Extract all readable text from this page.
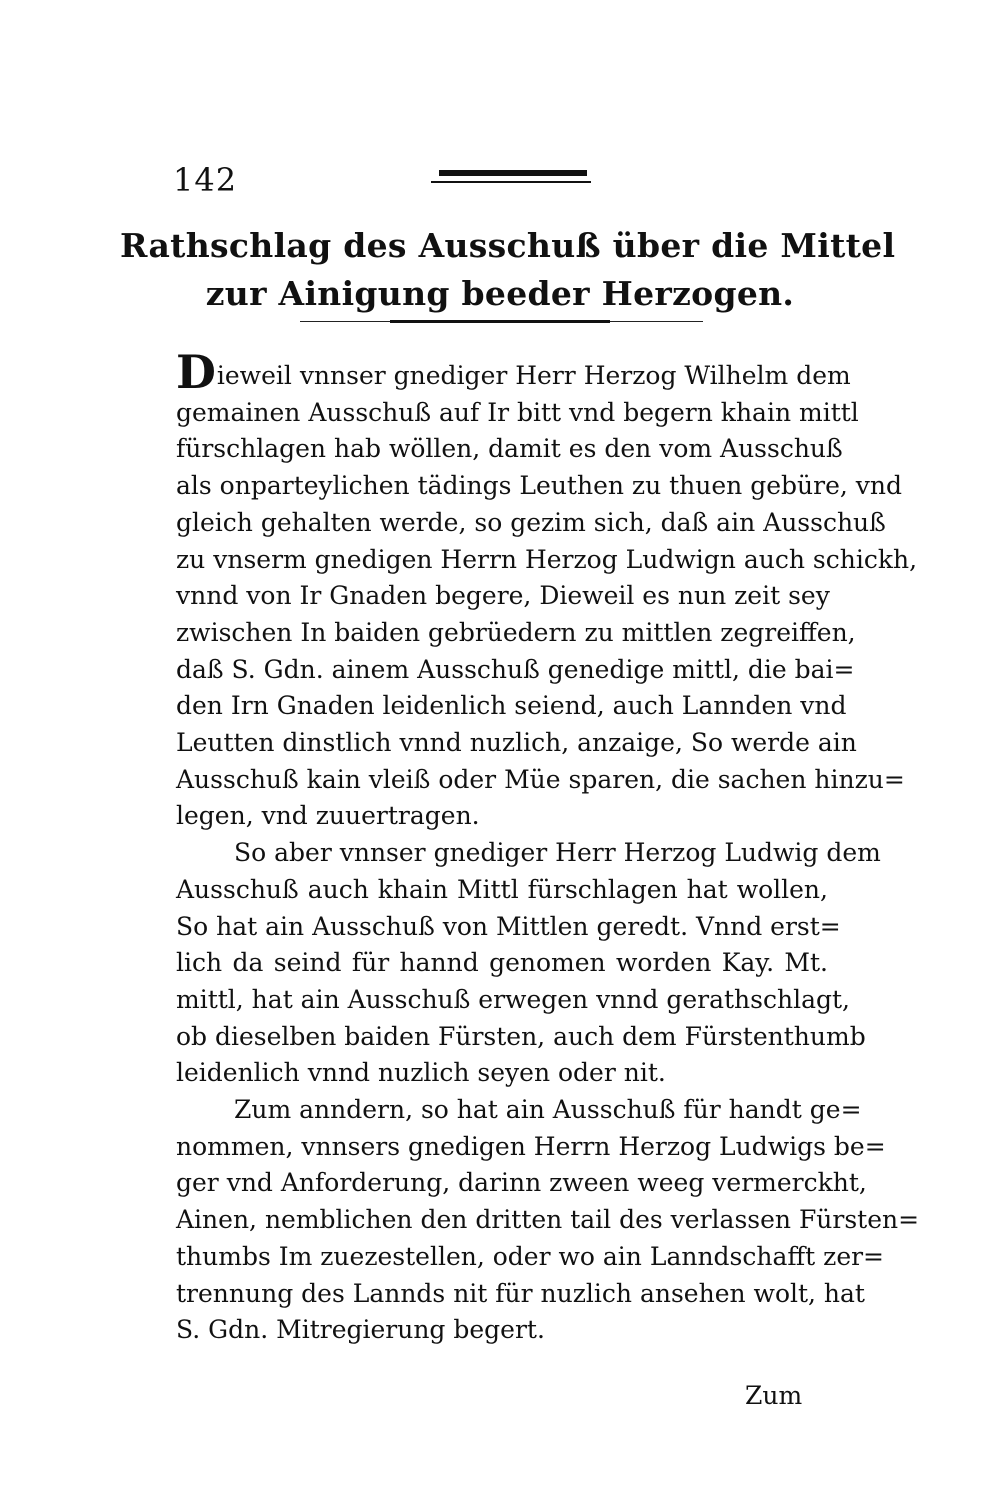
142
Rathschlag des Ausschuß über die Mittel
zur Ainigung beeder Herzogen.
Dieweil vnnser gnediger Herr Herzog Wilhelm dem
gemainen Ausschuß auf Ir bitt vnd begern khain mittl
fürschlagen hab wöllen, damit es den vom Ausschuß
als onparteylichen tädings Leuthen zu thuen gebüre, vnd
gleich gehalten werde, so gezim sich, daß ain Ausschuß
zu vnserm gnedigen Herrn Herzog Ludwign auch schickh,
vnnd von Ir Gnaden begere, Dieweil es nun zeit sey
zwischen In baiden gebrüedern zu mittlen zegreiffen,
daß S. Gdn. ainem Ausschuß genedige mittl, die bai=
den Irn Gnaden leidenlich seiend, auch Lannden vnd
Leutten dinstlich vnnd nuzlich, anzaige, So werde ain
Ausschuß kain vleiß oder Müe sparen, die sachen hinzu=
legen, vnd zuuertragen.
So aber vnnser gnediger Herr Herzog Ludwig dem
Ausschuß auch khain Mittl fürschlagen hat wollen,
So hat ain Ausschuß von Mittlen geredt. Vnnd erst=
lich da seind für hannd genomen worden Kay. Mt.
mittl, hat ain Ausschuß erwegen vnnd gerathschlagt,
ob dieselben baiden Fürsten, auch dem Fürstenthumb
leidenlich vnnd nuzlich seyen oder nit.
Zum anndern, so hat ain Ausschuß für handt ge=
nommen, vnnsers gnedigen Herrn Herzog Ludwigs be=
ger vnd Anforderung, darinn zween weeg vermerckht,
Ainen, nemblichen den dritten tail des verlassen Fürsten=
thumbs Im zuezestellen, oder wo ain Lanndschafft zer=
trennung des Lannds nit für nuzlich ansehen wolt, hat
S. Gdn. Mitregierung begert.
Zum
